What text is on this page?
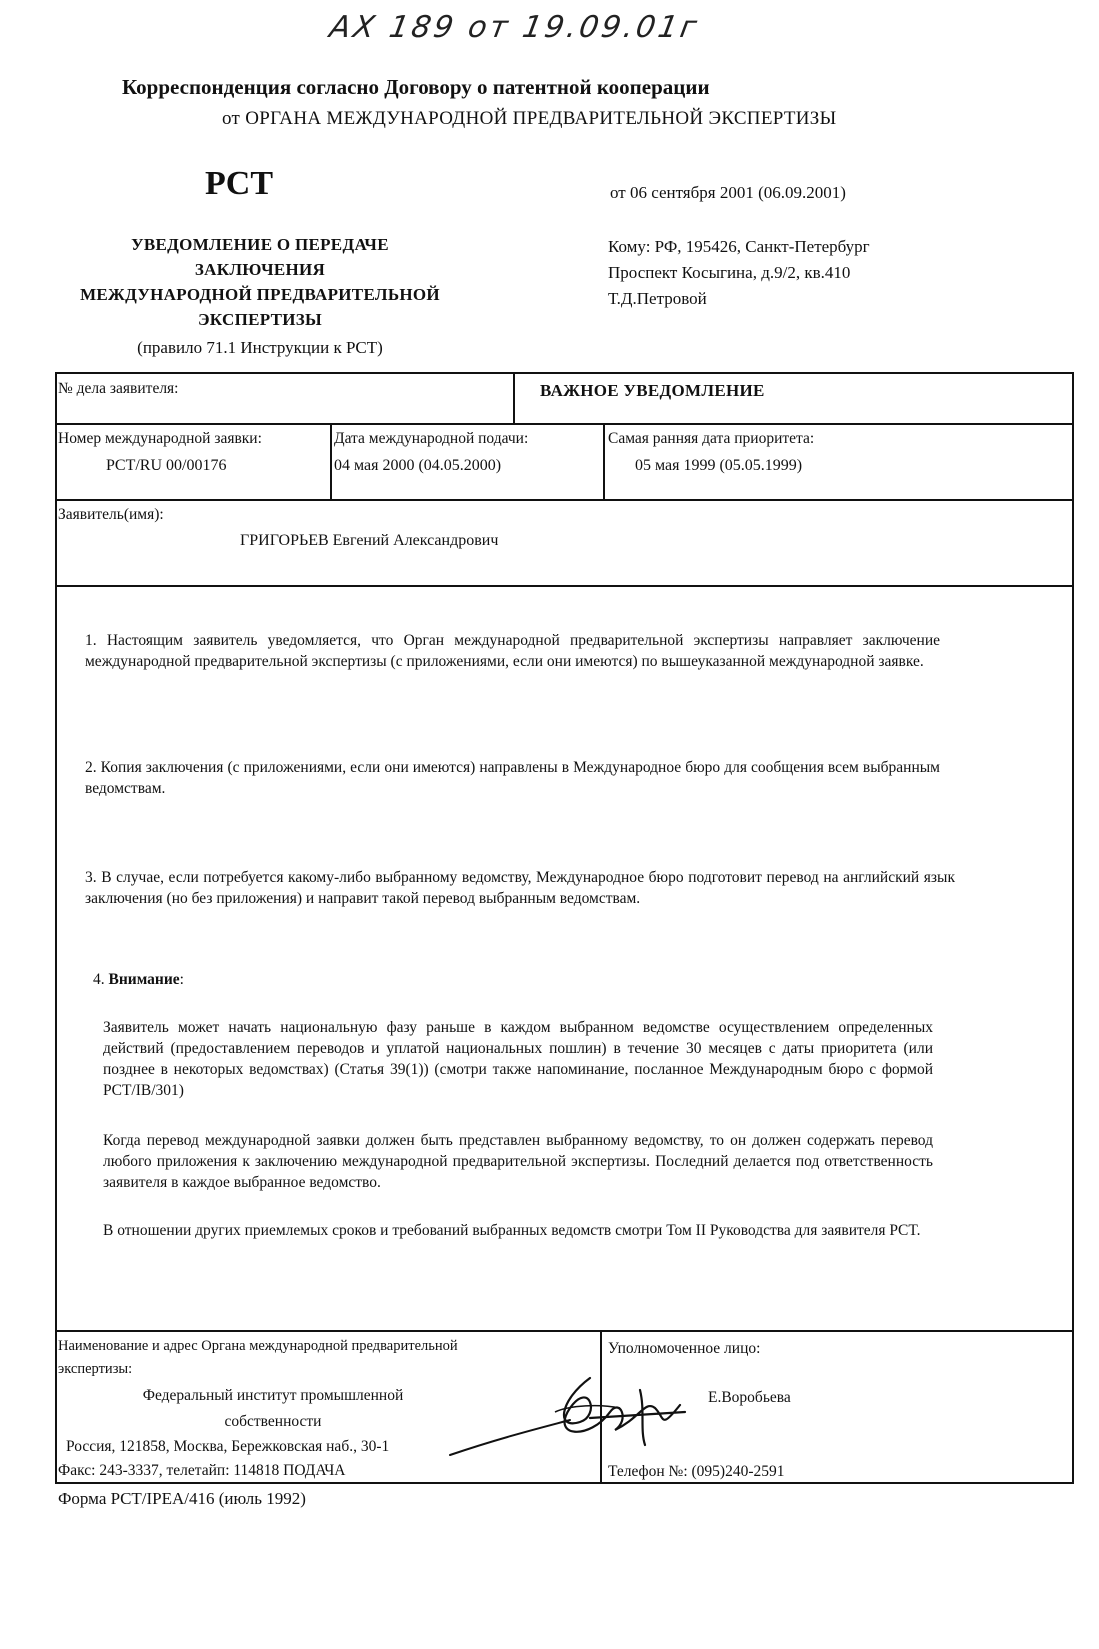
АХ 189 от 19.09.01г
Корреспонденция согласно Договору о патентной кооперации
от ОРГАНА МЕЖДУНАРОДНОЙ ПРЕДВАРИТЕЛЬНОЙ ЭКСПЕРТИЗЫ
PCT	от 06 сентября 2001 (06.09.2001)
УВЕДОМЛЕНИЕ О ПЕРЕДАЧЕ
ЗАКЛЮЧЕНИЯ
МЕЖДУНАРОДНОЙ ПРЕДВАРИТЕЛЬНОЙ
ЭКСПЕРТИЗЫ
(правило 71.1 Инструкции к PCT)
Кому: РФ, 195426, Санкт-Петербург
Проспект Косыгина, д.9/2, кв.410
Т.Д.Петровой
№ дела заявителя:	ВАЖНОЕ УВЕДОМЛЕНИЕ
Номер международной заявки:
PCT/RU 00/00176
Дата международной подачи:
04 мая 2000 (04.05.2000)
Самая ранняя дата приоритета:
05 мая 1999 (05.05.1999)
Заявитель(имя):
ГРИГОРЬЕВ Евгений Александрович
1. Настоящим заявитель уведомляется, что Орган международной предварительной экспертизы направляет заключение международной предварительной экспертизы (с приложениями, если они имеются) по вышеуказанной международной заявке.
2. Копия заключения (с приложениями, если они имеются) направлены в Международное бюро для сообщения всем выбранным ведомствам.
3. В случае, если потребуется какому-либо выбранному ведомству, Международное бюро подготовит перевод на английский язык заключения (но без приложения) и направит такой перевод выбранным ведомствам.
4. Внимание:
Заявитель может начать национальную фазу раньше в каждом выбранном ведомстве осуществлением определенных действий (предоставлением переводов и уплатой национальных пошлин) в течение 30 месяцев с даты приоритета (или позднее в некоторых ведомствах) (Статья 39(1)) (смотри также напоминание, посланное Международным бюро с формой PCT/IB/301)
Когда перевод международной заявки должен быть представлен выбранному ведомству, то он должен содержать перевод любого приложения к заключению международной предварительной экспертизы. Последний делается под ответственность заявителя в каждое выбранное ведомство.
В отношении других приемлемых сроков и требований выбранных ведомств смотри Том II Руководства для заявителя PCT.
Наименование и адрес Органа международной предварительной
экспертизы:
Федеральный институт промышленной
собственности
Россия, 121858, Москва, Бережковская наб., 30-1
Факс: 243-3337, телетайп: 114818 ПОДАЧА
Уполномоченное лицо:
Е.Воробьева
Телефон №: (095)240-2591
Форма PCT/IPEA/416 (июль 1992)
